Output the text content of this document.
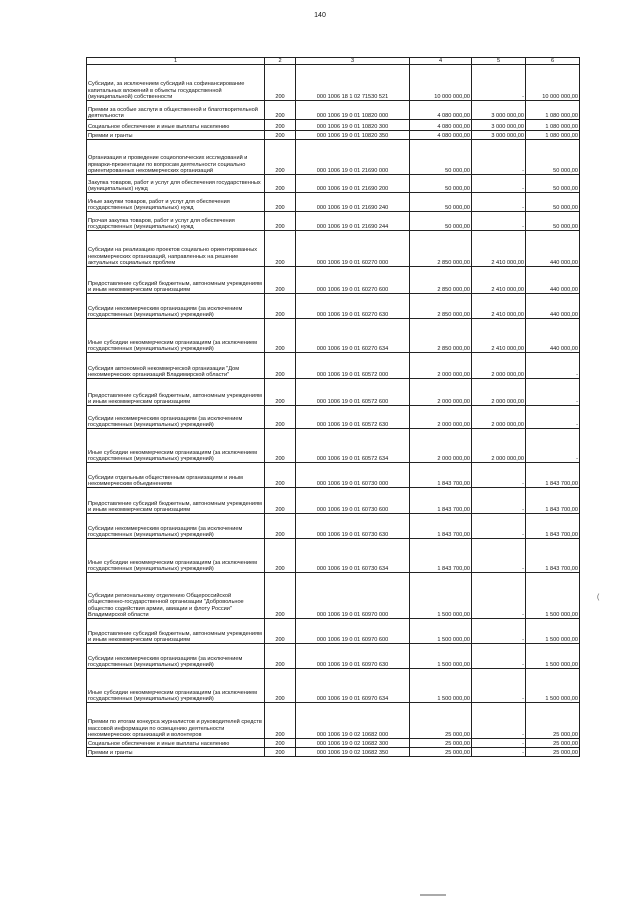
140
1	2	3	4	5	6
Субсидии, за исключением субсидий на софинансирование капитальных вложений в объекты государственной (муниципальной) собственности	200	000 1006 18 1 02 71530 521	10 000 000,00	-	10 000 000,00
Премии за особые заслуги в общественной и благотворительной деятельности	200	000 1006 19 0 01 10820 000	4 080 000,00	3 000 000,00	1 080 000,00
Социальное обеспечение и иные выплаты населению	200	000 1006 19 0 01 10820 300	4 080 000,00	3 000 000,00	1 080 000,00
Премии и гранты	200	000 1006 19 0 01 10820 350	4 080 000,00	3 000 000,00	1 080 000,00
Организация и проведение социологических исследований и ярмарки-презентации по вопросам деятельности социально ориентированных некоммерческих организаций	200	000 1006 19 0 01 21690 000	50 000,00	-	50 000,00
Закупка товаров, работ и услуг для обеспечения государственных (муниципальных) нужд	200	000 1006 19 0 01 21690 200	50 000,00	-	50 000,00
Иные закупки товаров, работ и услуг для обеспечения государственных (муниципальных) нужд	200	000 1006 19 0 01 21690 240	50 000,00	-	50 000,00
Прочая закупка товаров, работ и услуг для обеспечения государственных (муниципальных) нужд	200	000 1006 19 0 01 21690 244	50 000,00	-	50 000,00
Субсидии на реализацию проектов социально ориентированных некоммерческих организаций, направленных на решение актуальных социальных проблем	200	000 1006 19 0 01 60270 000	2 850 000,00	2 410 000,00	440 000,00
Предоставление субсидий бюджетным, автономным учреждениям и иным некоммерческим организациям	200	000 1006 19 0 01 60270 600	2 850 000,00	2 410 000,00	440 000,00
Субсидии некоммерческим организациям (за исключением государственных (муниципальных) учреждений)	200	000 1006 19 0 01 60270 630	2 850 000,00	2 410 000,00	440 000,00
Иные субсидии некоммерческим организациям (за исключением государственных (муниципальных) учреждений)	200	000 1006 19 0 01 60270 634	2 850 000,00	2 410 000,00	440 000,00
Субсидия автономной некоммерческой организации "Дом некоммерческих организаций Владимирской области"	200	000 1006 19 0 01 60572 000	2 000 000,00	2 000 000,00	-
Предоставление субсидий бюджетным, автономным учреждениям и иным некоммерческим организациям	200	000 1006 19 0 01 60572 600	2 000 000,00	2 000 000,00	-
Субсидии некоммерческим организациям (за исключением государственных (муниципальных) учреждений)	200	000 1006 19 0 01 60572 630	2 000 000,00	2 000 000,00	-
Иные субсидии некоммерческим организациям (за исключением государственных (муниципальных) учреждений)	200	000 1006 19 0 01 60572 634	2 000 000,00	2 000 000,00	-
Субсидии отдельным общественным организациям и иным некоммерческим объединениям	200	000 1006 19 0 01 60730 000	1 843 700,00	-	1 843 700,00
Предоставление субсидий бюджетным, автономным учреждениям и иным некоммерческим организациям	200	000 1006 19 0 01 60730 600	1 843 700,00	-	1 843 700,00
Субсидии некоммерческим организациям (за исключением государственных (муниципальных) учреждений)	200	000 1006 19 0 01 60730 630	1 843 700,00	-	1 843 700,00
Иные субсидии некоммерческим организациям (за исключением государственных (муниципальных) учреждений)	200	000 1006 19 0 01 60730 634	1 843 700,00	-	1 843 700,00
Субсидии региональному отделению Общероссийской общественно-государственной организации "Добровольное общество содействия армии, авиации и флоту России" Владимирской области	200	000 1006 19 0 01 60970 000	1 500 000,00	-	1 500 000,00
Предоставление субсидий бюджетным, автономным учреждениям и иным некоммерческим организациям	200	000 1006 19 0 01 60970 600	1 500 000,00	-	1 500 000,00
Субсидии некоммерческим организациям (за исключением государственных (муниципальных) учреждений)	200	000 1006 19 0 01 60970 630	1 500 000,00	-	1 500 000,00
Иные субсидии некоммерческим организациям (за исключением государственных (муниципальных) учреждений)	200	000 1006 19 0 01 60970 634	1 500 000,00	-	1 500 000,00
Премии по итогам конкурса журналистов и руководителей средств массовой информации по освещению деятельности некоммерческих организаций и волонтеров	200	000 1006 19 0 02 10682 000	25 000,00	-	25 000,00
Социальное обеспечение и иные выплаты населению	200	000 1006 19 0 02 10682 300	25 000,00	-	25 000,00
Премии и гранты	200	000 1006 19 0 02 10682 350	25 000,00	-	25 000,00
(
